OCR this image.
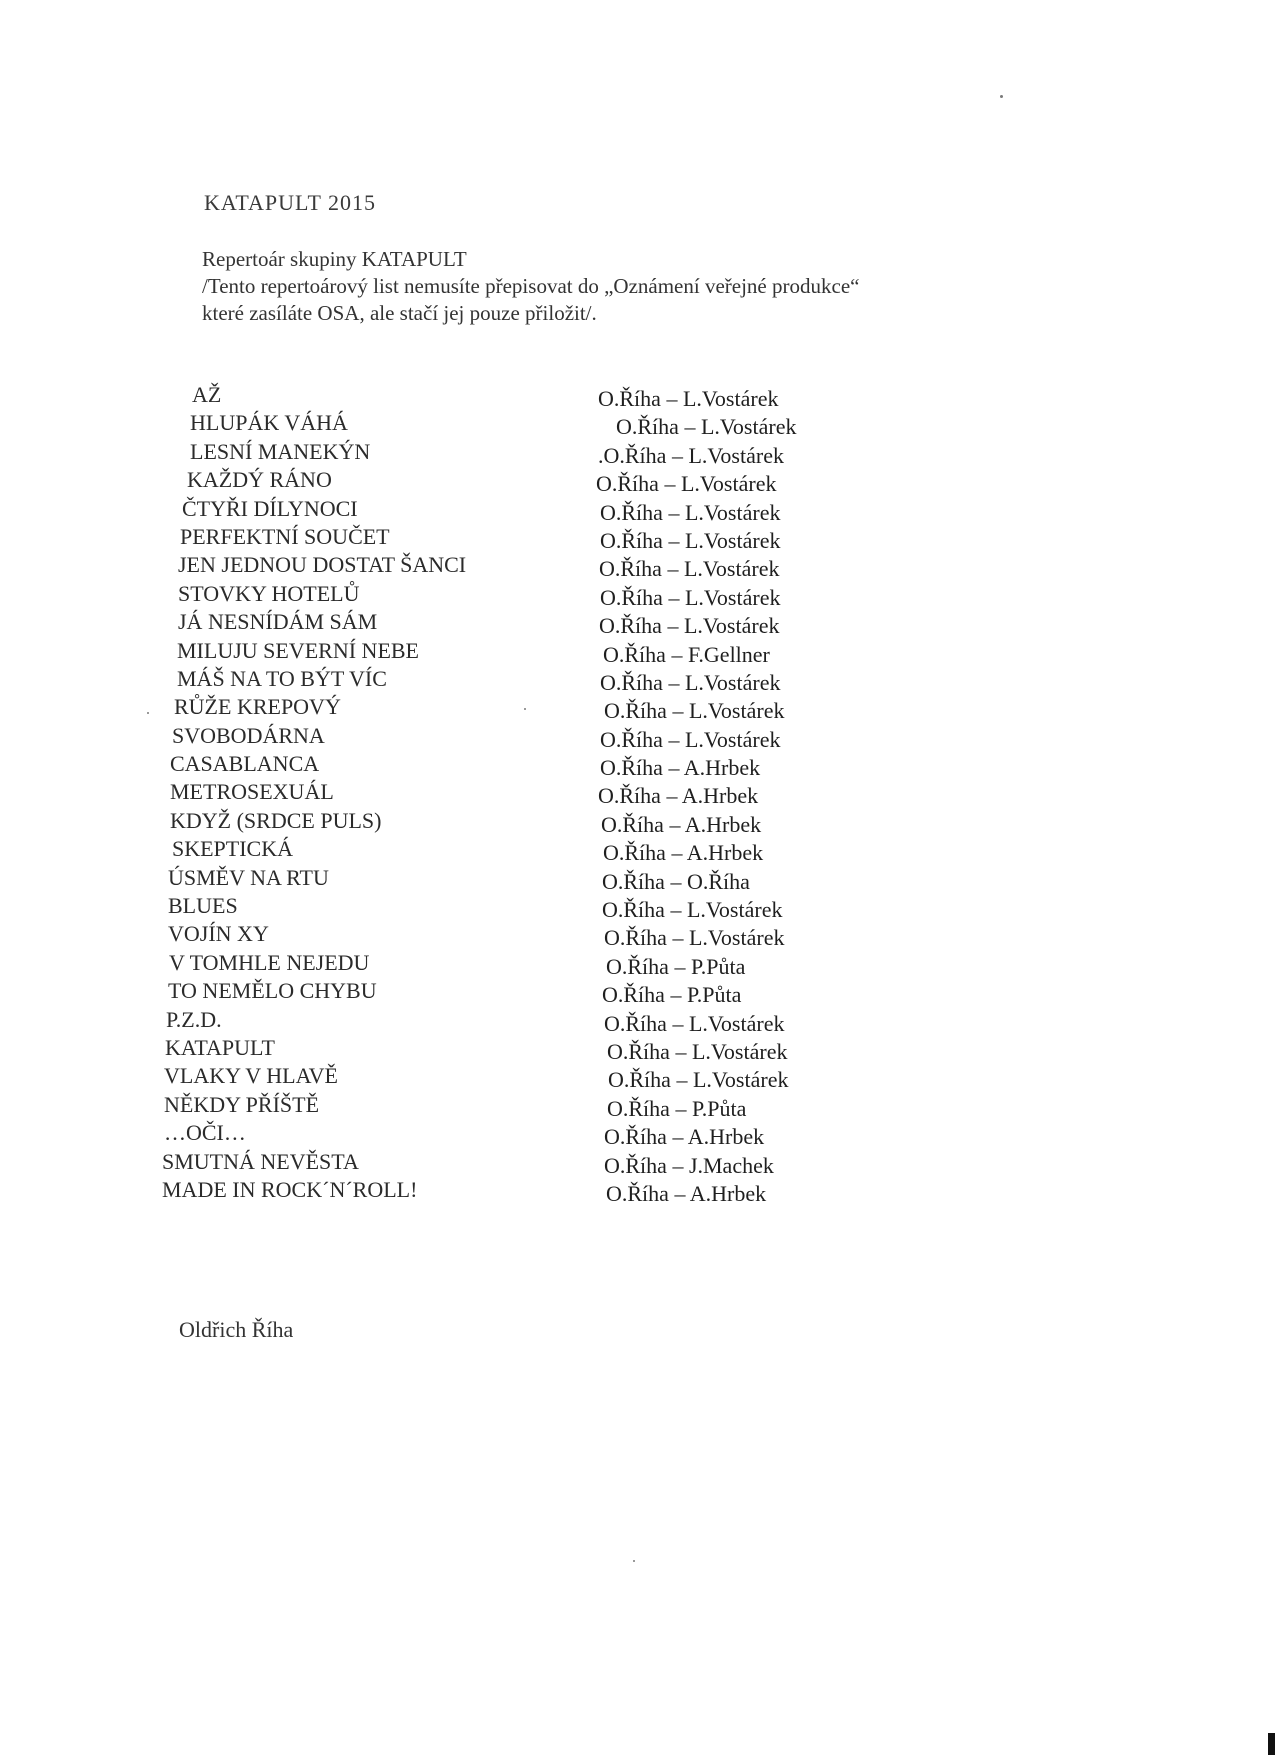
KATAPULT 2015
Repertoár skupiny KATAPULT
/Tento repertoárový list nemusíte přepisovat do „Oznámení veřejné produkce“
které zasíláte OSA, ale stačí jej pouze přiložit/.
AŽ	O.Říha – L.Vostárek
HLUPÁK VÁHÁ	O.Říha – L.Vostárek
LESNÍ MANEKÝN	.O.Říha – L.Vostárek
KAŽDÝ RÁNO	O.Říha – L.Vostárek
ČTYŘI DÍLYNOCI	O.Říha – L.Vostárek
PERFEKTNÍ SOUČET	O.Říha – L.Vostárek
JEN JEDNOU DOSTAT ŠANCI	O.Říha – L.Vostárek
STOVKY HOTELŮ	O.Říha – L.Vostárek
JÁ NESNÍDÁM SÁM	O.Říha – L.Vostárek
MILUJU SEVERNÍ NEBE	O.Říha – F.Gellner
MÁŠ NA TO BÝT VÍC	O.Říha – L.Vostárek
RŮŽE KREPOVÝ	O.Říha – L.Vostárek
SVOBODÁRNA	O.Říha – L.Vostárek
CASABLANCA	O.Říha – A.Hrbek
METROSEXUÁL	O.Říha – A.Hrbek
KDYŽ (SRDCE PULS)	O.Říha – A.Hrbek
SKEPTICKÁ	O.Říha – A.Hrbek
ÚSMĚV NA RTU	O.Říha – O.Říha
BLUES	O.Říha – L.Vostárek
VOJÍN XY	O.Říha – L.Vostárek
V TOMHLE NEJEDU	O.Říha – P.Půta
TO NEMĚLO CHYBU	O.Říha – P.Půta
P.Z.D.	O.Říha – L.Vostárek
KATAPULT	O.Říha – L.Vostárek
VLAKY V HLAVĚ	O.Říha – L.Vostárek
NĚKDY PŘÍŠTĚ	O.Říha – P.Půta
…OČI…	O.Říha – A.Hrbek
SMUTNÁ NEVĚSTA	O.Říha – J.Machek
MADE IN ROCK´N´ROLL!	O.Říha – A.Hrbek
Oldřich Říha
